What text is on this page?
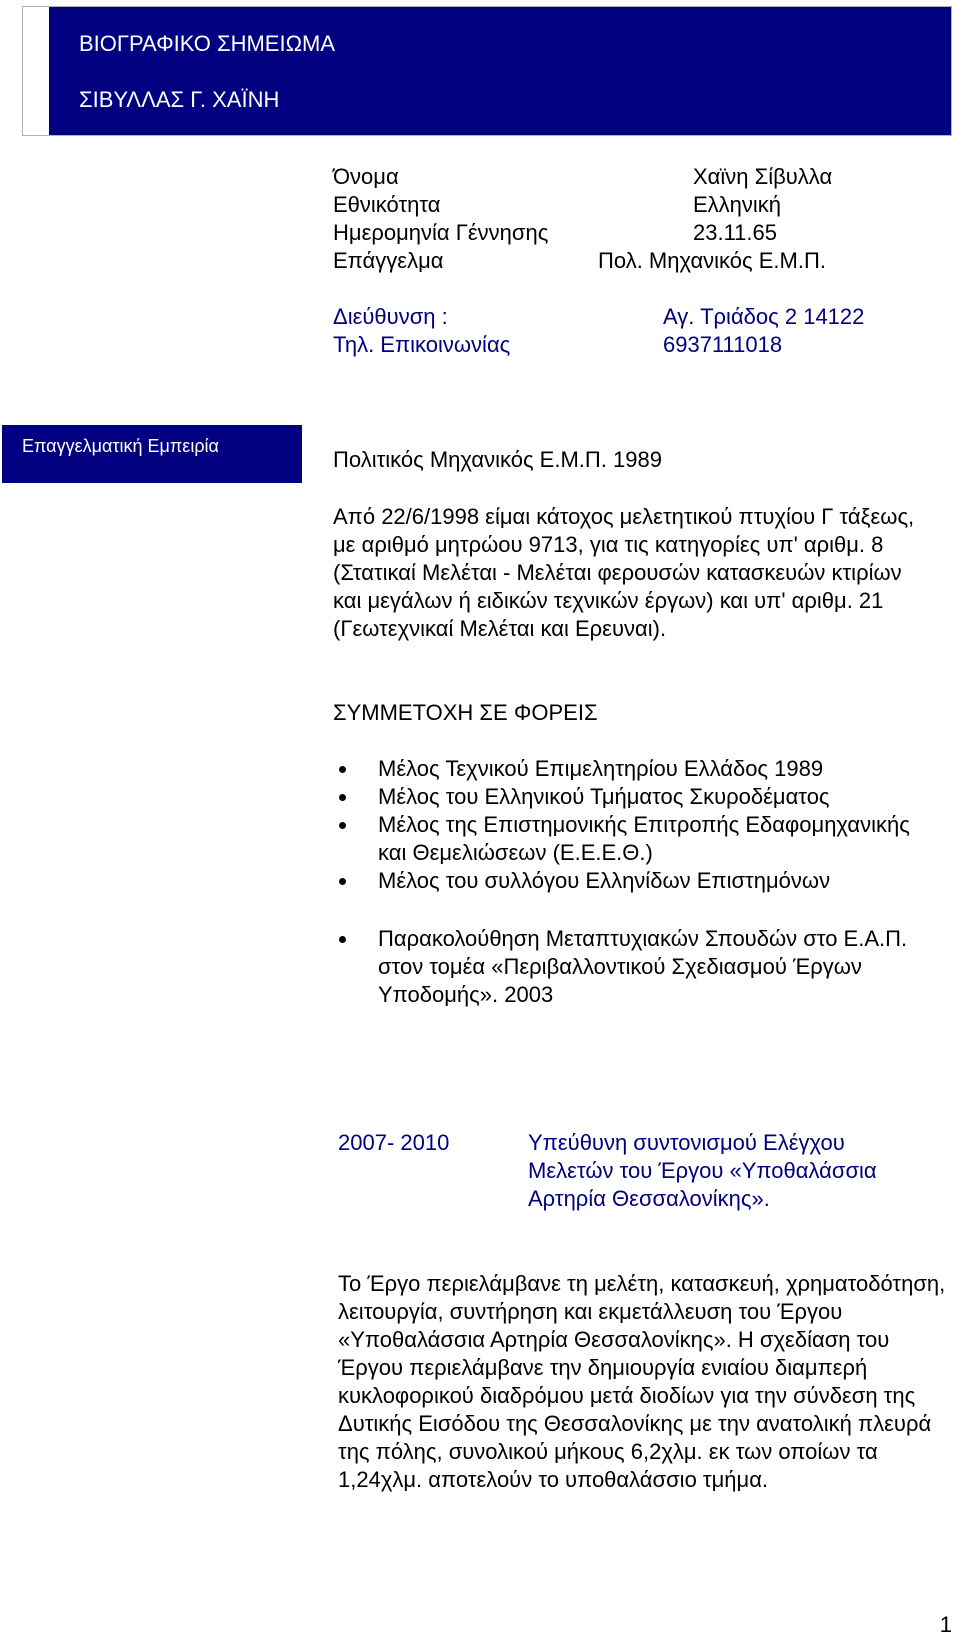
ΒΙΟΓΡΑΦΙΚΟ ΣΗΜΕΙΩΜΑ
ΣΙΒΥΛΛΑΣ Γ. ΧΑΪΝΗ
Όνομα	Χαϊνη Σίβυλλα
Εθνικότητα	Ελληνική
Ημερομηνία Γέννησης	23.11.65
Επάγγελμα	Πολ. Μηχανικός Ε.Μ.Π.
Διεύθυνση :	Αγ. Τριάδος 2 14122
Τηλ. Επικοινωνίας	6937111018
Επαγγελματική Εμπειρία
Πολιτικός Μηχανικός Ε.Μ.Π. 1989
Από 22/6/1998 είμαι κάτοχος μελετητικού πτυχίου Γ τάξεως, με αριθμό μητρώου 9713, για τις κατηγορίες υπ' αριθμ. 8 (Στατικαί Μελέται - Μελέται φερουσών κατασκευών κτιρίων και μεγάλων ή ειδικών τεχνικών έργων) και υπ' αριθμ. 21 (Γεωτεχνικαί Μελέται και Ερευναι).
ΣΥΜΜΕΤΟΧΗ ΣΕ ΦΟΡΕΙΣ
Μέλος Τεχνικού Επιμελητηρίου Ελλάδος 1989
Μέλος του Ελληνικού Τμήματος Σκυροδέματος
Μέλος της Επιστημονικής Επιτροπής Εδαφομηχανικής και Θεμελιώσεων (Ε.Ε.Ε.Θ.)
Μέλος του συλλόγου Ελληνίδων Επιστημόνων
Παρακολούθηση Μεταπτυχιακών Σπουδών στο Ε.Α.Π. στον τομέα «Περιβαλλοντικού Σχεδιασμού Έργων Υποδομής». 2003
2007- 2010	Υπεύθυνη συντονισμού Ελέγχου
Μελετών του Έργου «Υποθαλάσσια
Αρτηρία Θεσσαλονίκης».
Το Έργο περιελάμβανε τη μελέτη, κατασκευή, χρηματοδότηση, λειτουργία, συντήρηση και εκμετάλλευση του Έργου «Υποθαλάσσια Αρτηρία Θεσσαλονίκης». Η σχεδίαση του Έργου περιελάμβανε την δημιουργία ενιαίου διαμπερή κυκλοφορικού διαδρόμου μετά διοδίων για την σύνδεση της Δυτικής Εισόδου της Θεσσαλονίκης με την ανατολική πλευρά της πόλης, συνολικού μήκους 6,2χλμ. εκ των οποίων τα 1,24χλμ. αποτελούν το υποθαλάσσιο τμήμα.
1
